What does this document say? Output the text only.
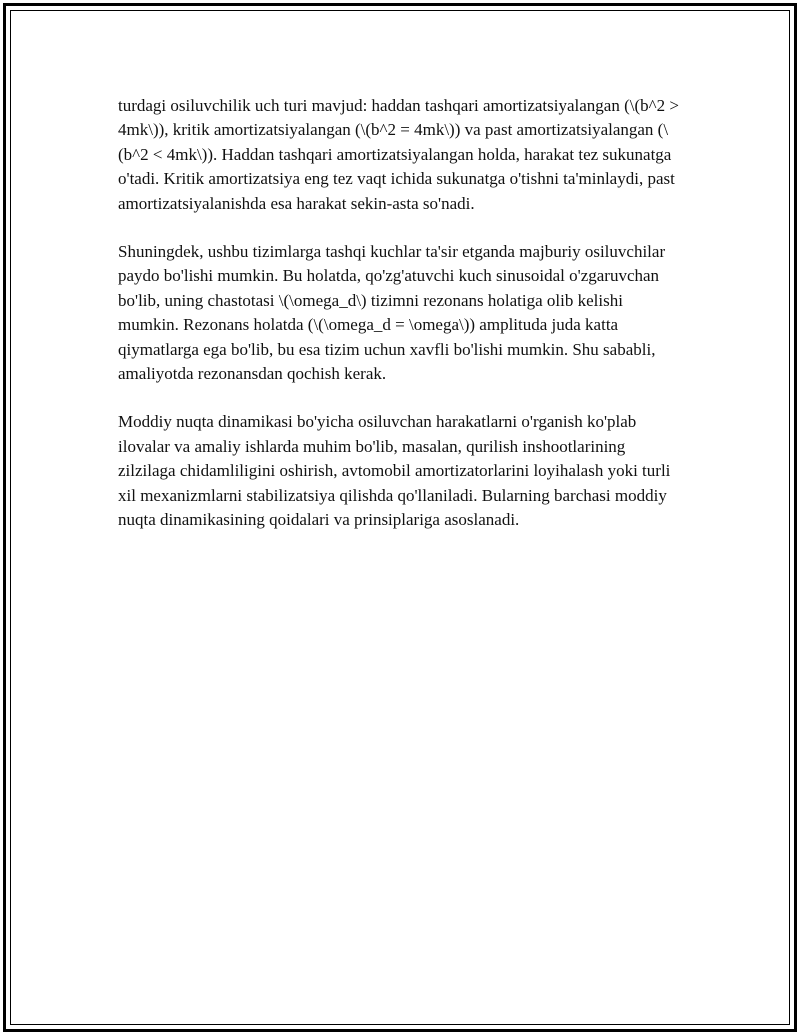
turdagi osiluvchilik uch turi mavjud: haddan tashqari amortizatsiyalangan (\(b^2 > 4mk\)), kritik amortizatsiyalangan (\(b^2 = 4mk\)) va past amortizatsiyalangan (\(b^2 < 4mk\)). Haddan tashqari amortizatsiyalangan holda, harakat tez sukunatga o'tadi. Kritik amortizatsiya eng tez vaqt ichida sukunatga o'tishni ta'minlaydi, past amortizatsiyalanishda esa harakat sekin-asta so'nadi.

Shuningdek, ushbu tizimlarga tashqi kuchlar ta'sir etganda majburiy osiluvchilar paydo bo'lishi mumkin. Bu holatda, qo'zg'atuvchi kuch sinusoidal o'zgaruvchan bo'lib, uning chastotasi \(\omega_d\) tizimni rezonans holatiga olib kelishi mumkin. Rezonans holatda (\(\omega_d = \omega\)) amplituda juda katta qiymatlarga ega bo'lib, bu esa tizim uchun xavfli bo'lishi mumkin. Shu sababli, amaliyotda rezonansdan qochish kerak.

Moddiy nuqta dinamikasi bo'yicha osiluvchan harakatlarni o'rganish ko'plab ilovalar va amaliy ishlarda muhim bo'lib, masalan, qurilish inshootlarining zilzilaga chidamliligini oshirish, avtomobil amortizatorlarini loyihalash yoki turli xil mexanizmlarni stabilizatsiya qilishda qo'llaniladi. Bularning barchasi moddiy nuqta dinamikasining qoidalari va prinsiplariga asoslanadi.
